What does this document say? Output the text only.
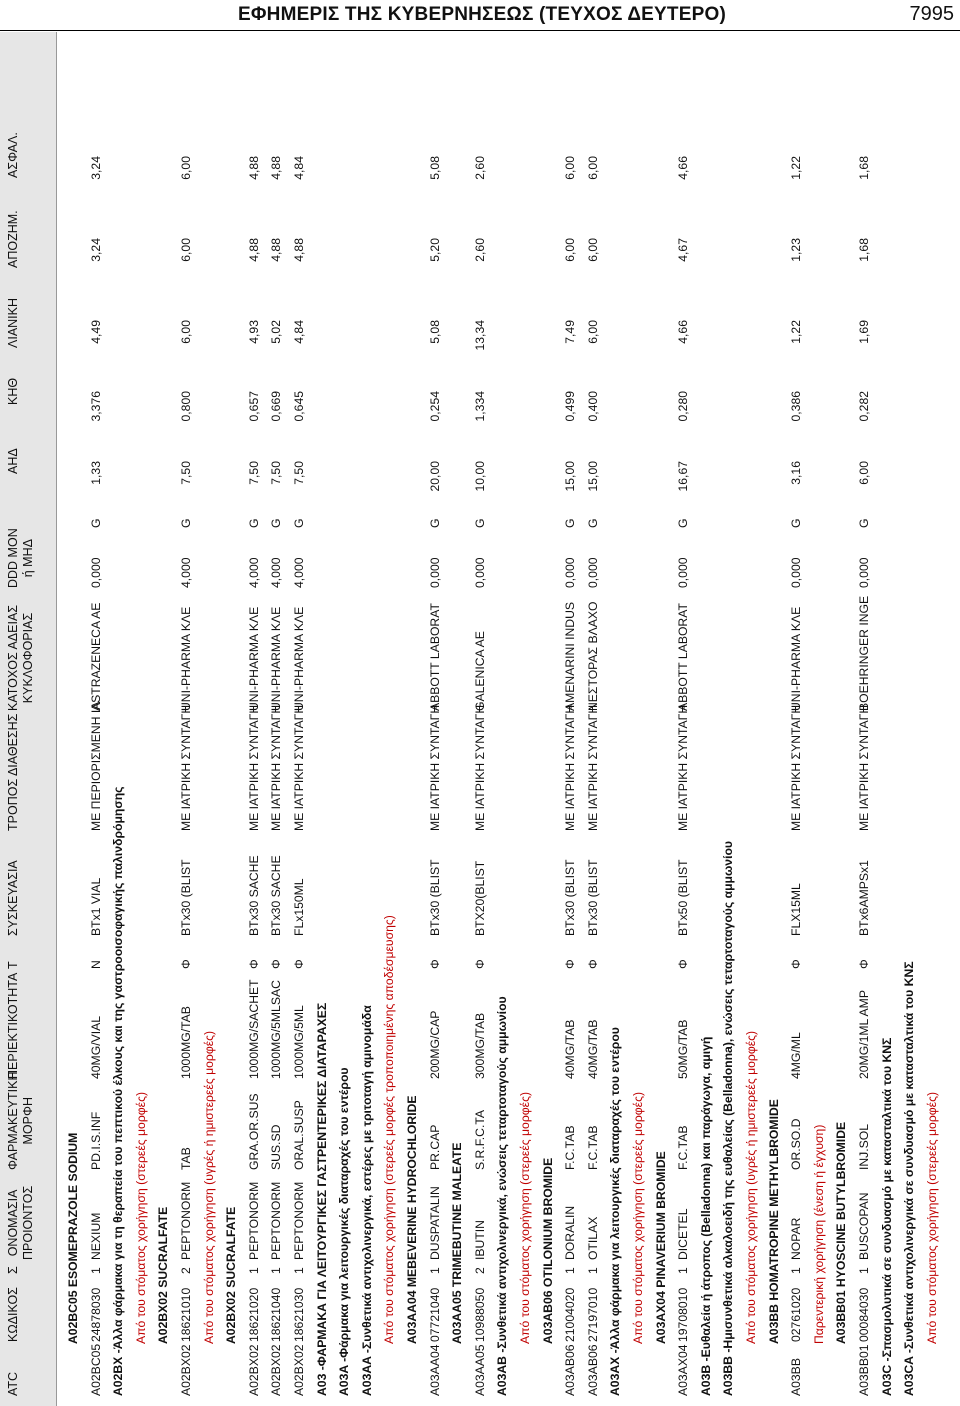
ΕΦΗΜΕΡΙΣ ΤΗΣ ΚΥΒΕΡΝΗΣΕΩΣ (ΤΕΥΧΟΣ ΔΕΥΤΕΡΟ)	7995
ATC
ΚΩΔΙΚΟΣ
Σ
ΟΝΟΜΑΣΙΑ
ΠΡΟΙΟΝΤΟΣ
ΦΑΡΜΑΚΕΥΤΙΚΗ
ΜΟΡΦΗ
ΠΕΡΙΕΚΤΙΚΟΤΗΤΑ
Τ
ΣΥΣΚΕΥΑΣΙΑ
ΤΡΟΠΟΣ ΔΙΑΘΕΣΗΣ
ΚΑΤΟΧΟΣ ΑΔΕΙΑΣ
ΚΥΚΛΟΦΟΡΙΑΣ
DDD ΜΟΝ
ή ΜΗΔ
ΑΗΔ
ΚΗΘ
ΛΙΑΝΙΚΗ
ΑΠΟΖΗΜ.
ΑΣΦΑΛ.
A02BC05 ESOMEPRAZOLE SODIUM
A02BC05
24878030
1
NEXIUM
PD.I.S.INF
40MG/VIAL
N
BTx1 VIAL
ΜΕ ΠΕΡΙΟΡΙΣΜΕΝΗ ΙΑ
ASTRAZENECA AE
0,000
G
1,33
3,376
4,49
3,24
3,24
A02BX -Άλλα φάρμακα για τη θεραπεία του πεπτικού έλκους και της γαστροοισοφαγικής παλινδρόμησης Από του στόματος χορήγηση (στερεές μορφές) A02BX02 SUCRALFATE
A02BX02
18621010
2
PEPTONORM
TAB
1000MG/TAB
Φ
BTx30 (BLIST
ΜΕ ΙΑΤΡΙΚΗ ΣΥΝΤΑΓΗ
UNI-PHARMA ΚΛΕ
4,000
G
7,50
0,800
6,00
6,00
6,00
Από του στόματος χορήγηση (υγρές ή ημιστερεές μορφές) A02BX02 SUCRALFATE
A02BX02
18621020
1
PEPTONORM
GRA.OR.SUS
1000MG/SACHET
Φ
BTx30 SACHE
ΜΕ ΙΑΤΡΙΚΗ ΣΥΝΤΑΓΗ
UNI-PHARMA ΚΛΕ
4,000
G
7,50
0,657
4,93
4,88
4,88
A02BX02
18621040
1
PEPTONORM
SUS.SD
1000MG/5MLSAC
Φ
BTx30 SACHE
ΜΕ ΙΑΤΡΙΚΗ ΣΥΝΤΑΓΗ
UNI-PHARMA ΚΛΕ
4,000
G
7,50
0,669
5,02
4,88
4,88
A02BX02
18621030
1
PEPTONORM
ORAL.SUSP
1000MG/5ML
Φ
FLx150ML
ΜΕ ΙΑΤΡΙΚΗ ΣΥΝΤΑΓΗ
UNI-PHARMA ΚΛΕ
4,000
G
7,50
0,645
4,84
4,88
4,84
A03 -ΦΑΡΜΑΚΑ ΓΙΑ ΛΕΙΤΟΥΡΓΙΚΕΣ ΓΑΣΤΡΕΝΤΕΡΙΚΕΣ ΔΙΑΤΑΡΑΧΕΣ A03A -Φάρμακα για λειτουργικές διαταραχές του εντέρου A03AA -Συνθετικά αντιχολινεργικά, εστέρες με τριτοταγή αμινομάδα Από του στόματος χορήγηση (στερεές μορφές τροποποιημένης αποδέσμευσης) A03AA04 MEBEVERINE HYDROCHLORIDE
A03AA04
07721040
1
DUSPATALIN
PR.CAP
200MG/CAP
Φ
BTx30 (BLIST
ΜΕ ΙΑΤΡΙΚΗ ΣΥΝΤΑΓΗ
ABBOTT LABORAT
0,000
G
20,00
0,254
5,08
5,20
5,08
A03AA05 TRIMEBUTINE MALEATE
A03AA05
10988050
2
IBUTIN
S.R.F.C.TA
300MG/TAB
Φ
BTX20(BLIST
ΜΕ ΙΑΤΡΙΚΗ ΣΥΝΤΑΓΗ
GALENICA AE
0,000
G
10,00
1,334
13,34
2,60
2,60
A03AB -Συνθετικά αντιχολινεργικά, ενώσεις τεταρτοταγούς αμμωνίου Από του στόματος χορήγηση (στερεές μορφές) A03AB06 OTILONIUM BROMIDE
A03AB06
21004020
1
DORALIN
F.C.TAB
40MG/TAB
Φ
BTx30 (BLIST
ΜΕ ΙΑΤΡΙΚΗ ΣΥΝΤΑΓΗ
AMENARINI INDUS
0,000
G
15,00
0,499
7,49
6,00
6,00
A03AB06
27197010
1
OTILAX
F.C.TAB
40MG/TAB
Φ
BTx30 (BLIST
ΜΕ ΙΑΤΡΙΚΗ ΣΥΝΤΑΓΗ
ΝΕΣΤΟΡΑΣ ΒΛΑΧΟ
0,000
G
15,00
0,400
6,00
6,00
6,00
A03AX -Άλλα φάρμακα για λειτουργικές διαταραχές του εντέρου Από του στόματος χορήγηση (στερεές μορφές) A03AX04 PINAVERIUM BROMIDE
A03AX04
19708010
1
DICETEL
F.C.TAB
50MG/TAB
Φ
BTx50 (BLIST
ΜΕ ΙΑΤΡΙΚΗ ΣΥΝΤΑΓΗ
ABBOTT LABORAT
0,000
G
16,67
0,280
4,66
4,67
4,66
A03B -Ευθαλεία ή άτροπος (Belladonna) και παράγωγα, αμιγή A03BB -Ημισυνθετικά αλκαλοειδή της ευθαλείας (Belladonna), ενώσεις τεταρτοταγούς αμμωνίου Από του στόματος χορήγηση (υγρές ή ημιστερεές μορφές) A03BB HOMATROPINE METHYLBROMIDE
A03BB
02761020
1
NOPAR
OR.SO.D
4MG/ML
Φ
FLX15ML
ΜΕ ΙΑΤΡΙΚΗ ΣΥΝΤΑΓΗ
UNI-PHARMA ΚΛΕ
0,000
G
3,16
0,386
1,22
1,23
1,22
Παρεντερική χορήγηση (ένεση ή έγχυση) A03BB01 HYOSCINE BUTYLBROMIDE
A03BB01
00084030
1
BUSCOPAN
INJ.SOL
20MG/1ML AMP
Φ
BTx6AMPSx1
ΜΕ ΙΑΤΡΙΚΗ ΣΥΝΤΑΓΗ
BOEHRINGER INGE
0,000
G
6,00
0,282
1,69
1,68
1,68
A03C -Σπασμολυτικά σε συνδυασμό με κατασταλτικά του ΚΝΣ A03CA -Συνθετικά αντιχολινεργικά σε συνδυασμό με κατασταλτικά του ΚΝΣ Από του στόματος χορήγηση (στερεές μορφές)
